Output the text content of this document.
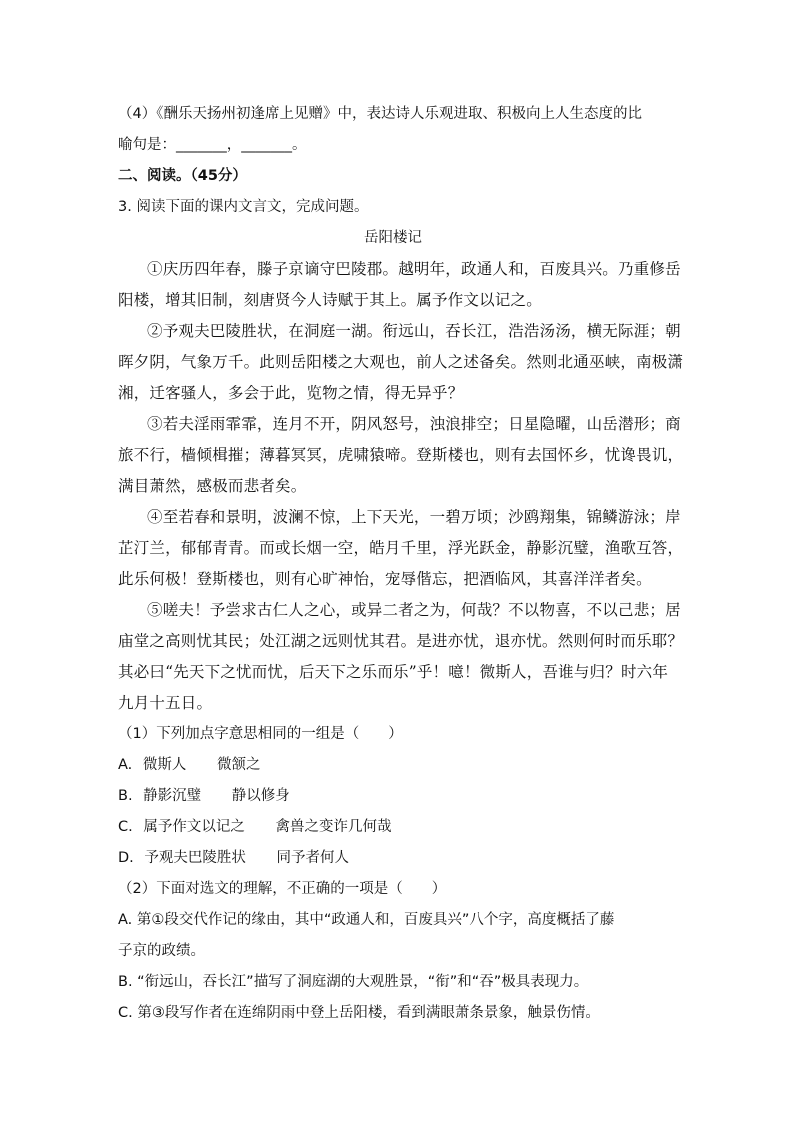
（4）《酬乐天扬州初逢席上见赠》中，表达诗人乐观进取、积极向上人生态度的比
喻句是：_______，_______。
二、阅读。（45分）
3. 阅读下面的课内文言文，完成问题。
岳阳楼记
①庆历四年春，滕子京谪守巴陵郡。越明年，政通人和，百废具兴。乃重修岳
阳楼，增其旧制，刻唐贤今人诗赋于其上。属予作文以记之。
②予观夫巴陵胜状，在洞庭一湖。衔远山，吞长江，浩浩汤汤，横无际涯；朝
晖夕阴，气象万千。此则岳阳楼之大观也，前人之述备矣。然则北通巫峡，南极潇
湘，迁客骚人，多会于此，览物之情，得无异乎？
③若夫淫雨霏霏，连月不开，阴风怒号，浊浪排空；日星隐曜，山岳潜形；商
旅不行，樯倾楫摧；薄暮冥冥，虎啸猿啼。登斯楼也，则有去国怀乡，忧谗畏讥，
满目萧然，感极而悲者矣。
④至若春和景明，波澜不惊，上下天光，一碧万顷；沙鸥翔集，锦鳞游泳；岸
芷汀兰，郁郁青青。而或长烟一空，皓月千里，浮光跃金，静影沉璧，渔歌互答，
此乐何极！登斯楼也，则有心旷神怡，宠辱偕忘，把酒临风，其喜洋洋者矣。
⑤嗟夫！予尝求古仁人之心，或异二者之为，何哉？不以物喜，不以己悲；居
庙堂之高则忧其民；处江湖之远则忧其君。是进亦忧，退亦忧。然则何时而乐耶？
其必曰“先天下之忧而忧，后天下之乐而乐”乎！噫！微斯人，吾谁与归？时六年
九月十五日。
（1）下列加点字意思相同的一组是（　　）
A. 微斯人 微颔之
B. 静影沉璧 静以修身
C. 属予作文以记之 禽兽之变诈几何哉
D. 予观夫巴陵胜状 同予者何人
（2）下面对选文的理解，不正确的一项是（　　）
A. 第①段交代作记的缘由，其中“政通人和，百废具兴”八个字，高度概括了藤
子京的政绩。
B. “衔远山，吞长江”描写了洞庭湖的大观胜景，“衔”和“吞”极具表现力。
C. 第③段写作者在连绵阴雨中登上岳阳楼，看到满眼萧条景象，触景伤情。
